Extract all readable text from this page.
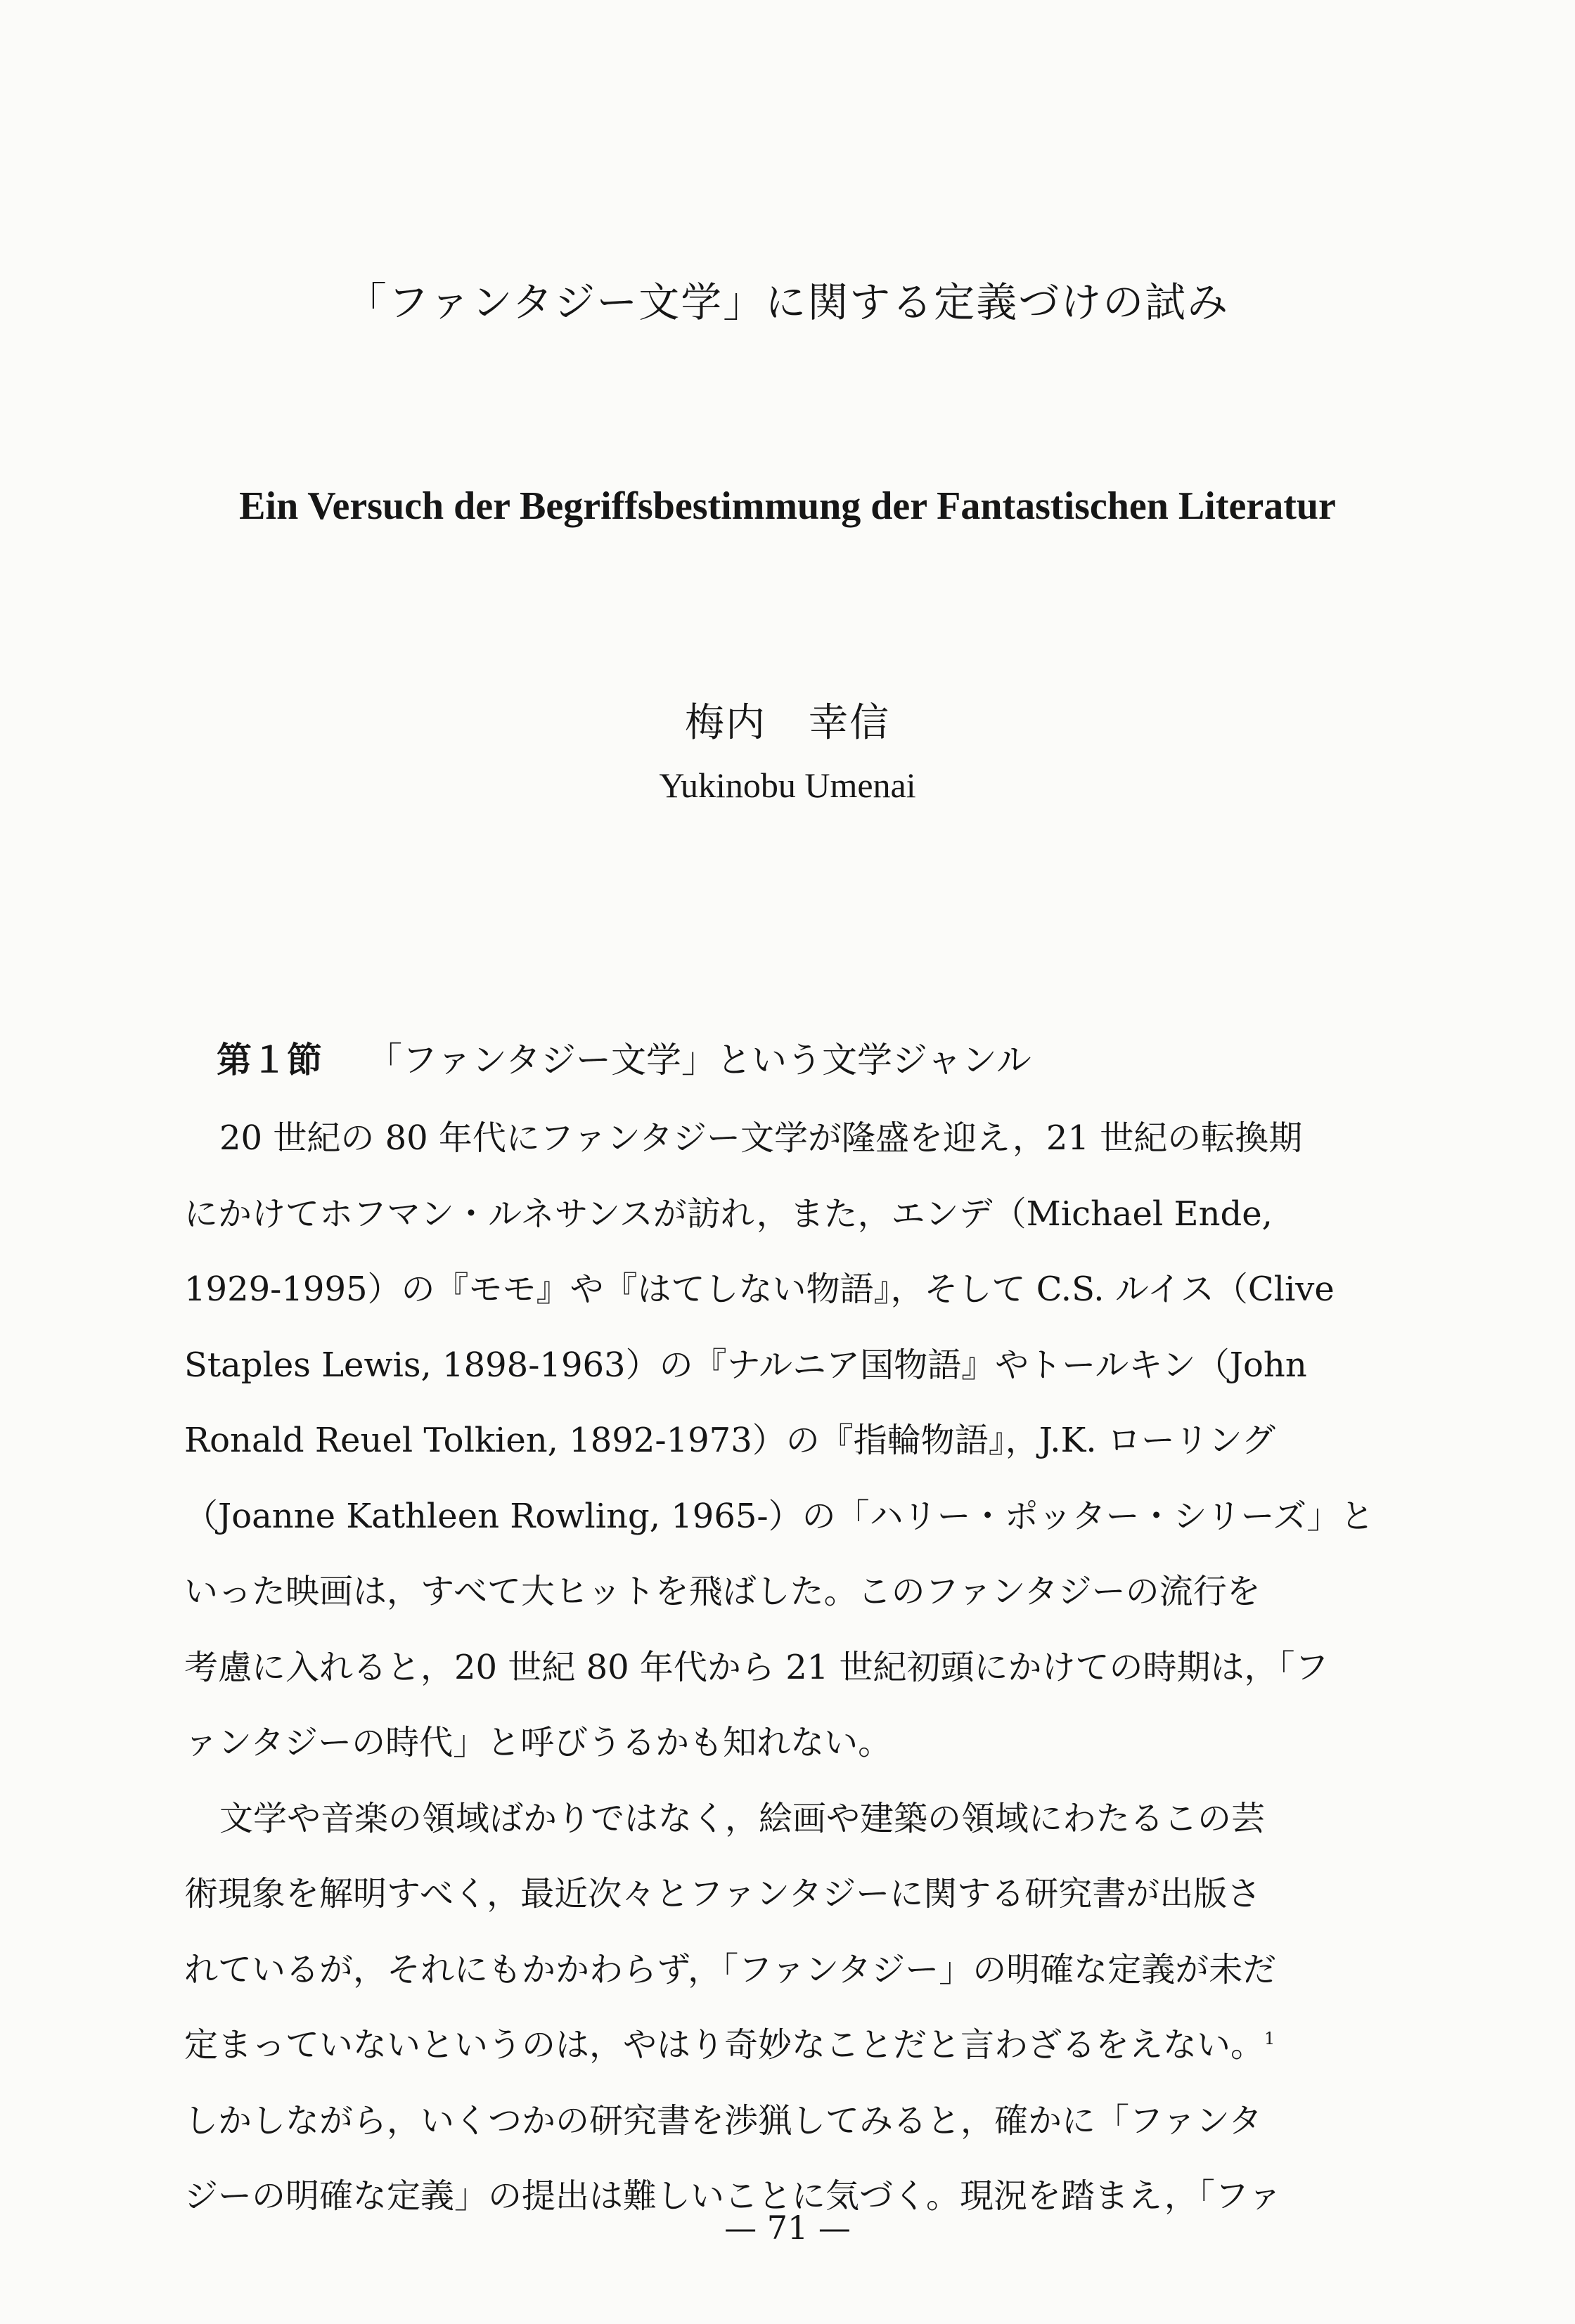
「ファンタジー文学」に関する定義づけの試み
Ein Versuch der Begriffsbestimmung der Fantastischen Literatur
梅内 幸信
Yukinobu Umenai
第１節 「ファンタジー文学」という文学ジャンル
20 世紀の 80 年代にファンタジー文学が隆盛を迎え，21 世紀の転換期
にかけてホフマン・ルネサンスが訪れ，また，エンデ（Michael Ende,
1929-1995）の『モモ』や『はてしない物語』，そして C.S. ルイス（Clive
Staples Lewis, 1898-1963）の『ナルニア国物語』やトールキン（John
Ronald Reuel Tolkien, 1892-1973）の『指輪物語』，J.K. ローリング
（Joanne Kathleen Rowling, 1965-）の「ハリー・ポッター・シリーズ」と
いった映画は，すべて大ヒットを飛ばした。このファンタジーの流行を
考慮に入れると，20 世紀 80 年代から 21 世紀初頭にかけての時期は，「フ
ァンタジーの時代」と呼びうるかも知れない。
文学や音楽の領域ばかりではなく，絵画や建築の領域にわたるこの芸
術現象を解明すべく，最近次々とファンタジーに関する研究書が出版さ
れているが，それにもかかわらず，「ファンタジー」の明確な定義が未だ
定まっていないというのは，やはり奇妙なことだと言わざるをえない。$^1$
しかしながら，いくつかの研究書を渉猟してみると，確かに「ファンタ
ジーの明確な定義」の提出は難しいことに気づく。現況を踏まえ，「ファ
— 71 —
